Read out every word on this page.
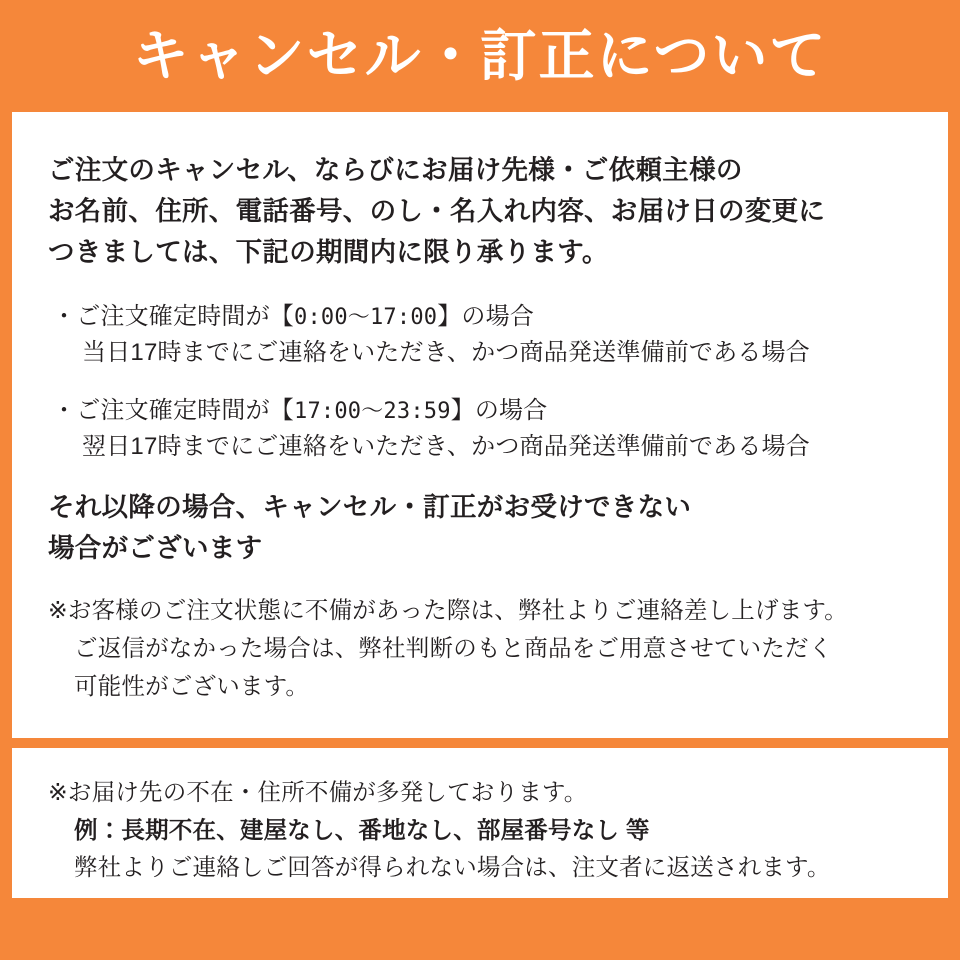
キャンセル・訂正について
ご注文のキャンセル、ならびにお届け先様・ご依頼主様の
お名前、住所、電話番号、のし・名入れ内容、お届け日の変更に
つきましては、下記の期間内に限り承ります。
・ご注文確定時間が【0:00〜17:00】の場合
当日17時までにご連絡をいただき、かつ商品発送準備前である場合
・ご注文確定時間が【17:00〜23:59】の場合
翌日17時までにご連絡をいただき、かつ商品発送準備前である場合
それ以降の場合、キャンセル・訂正がお受けできない
場合がございます
※お客様のご注文状態に不備があった際は、弊社よりご連絡差し上げます。
ご返信がなかった場合は、弊社判断のもと商品をご用意させていただく
可能性がございます。
※お届け先の不在・住所不備が多発しております。
例：長期不在、建屋なし、番地なし、部屋番号なし 等
弊社よりご連絡しご回答が得られない場合は、注文者に返送されます。
